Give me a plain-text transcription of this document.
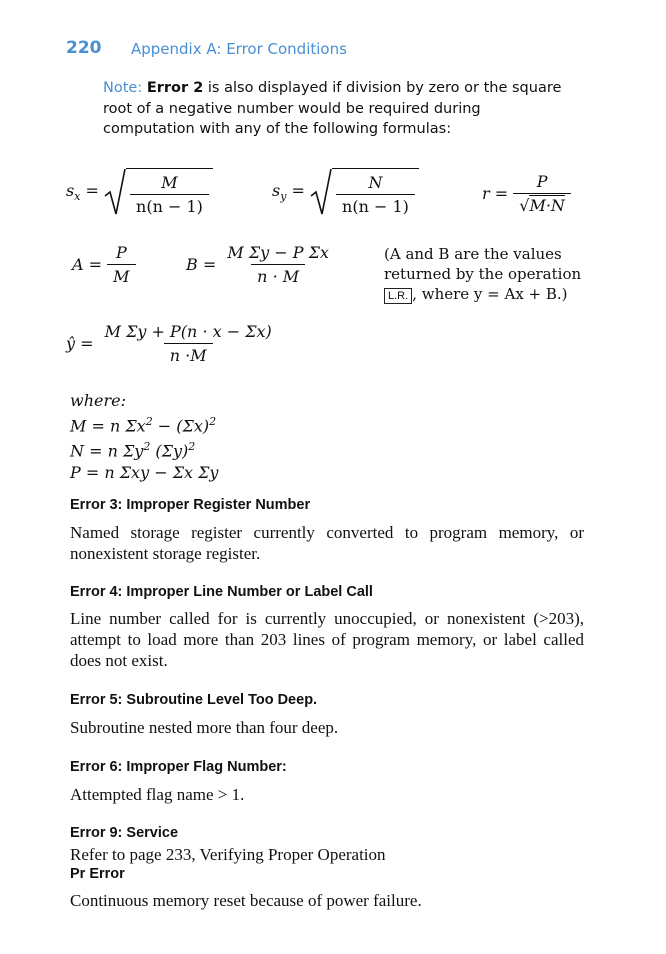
220 Appendix A: Error Conditions
Note: Error 2 is also displayed if division by zero or the square root of a negative number would be required during computation with any of the following formulas:
$s_x = \frac{M}{n(n - 1)}$	$s_y = \frac{N}{n(n - 1)}$	$r = \frac{P}{√M\cdot N}$
$A = \frac{P}{M}$	$B = \frac{\text{M Σy − P Σx}}{n \cdot M}$	(A and B are the values returned by the operation L.R. , where y = Ax + B.)
ŷ = $\frac{\text{M Σy + P(n · x − Σx)}}{n \cdot M}$
where:
M = n $\Sigma x^2 - (\Sigma x)^2$
N = n $\Sigma y^2$ $(\Sigma y)^2$
P = n Σxy − Σx Σy
Error 3: Improper Register Number
Named storage register currently converted to program memory, or nonexistent storage register.
Error 4: Improper Line Number or Label Call
Line number called for is currently unoccupied, or nonexistent (>203), attempt to load more than 203 lines of program memory, or label called does not exist.
Error 5: Subroutine Level Too Deep.
Subroutine nested more than four deep.
Error 6: Improper Flag Number:
Attempted flag name > 1.
Error 9: Service
Refer to page 233, Verifying Proper Operation
Pr Error
Continuous memory reset because of power failure.
